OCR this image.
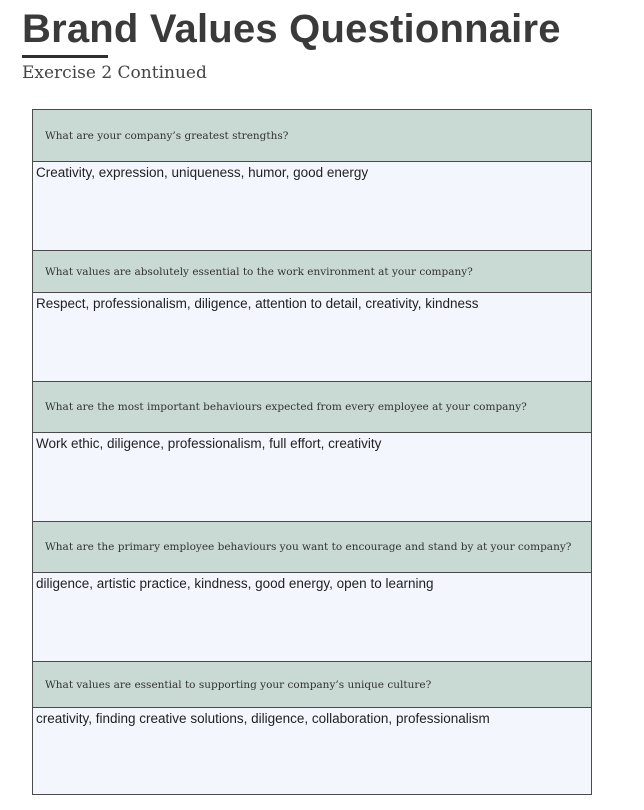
Brand Values Questionnaire

Exercise 2 Continued

What are your company’s greatest strengths?
Creativity, expression, uniqueness, humor, good energy
What values are absolutely essential to the work environment at your company?
Respect, professionalism, diligence, attention to detail, creativity, kindness
What are the most important behaviours expected from every employee at your company?
Work ethic, diligence, professionalism, full effort, creativity
What are the primary employee behaviours you want to encourage and stand by at your company?
diligence, artistic practice, kindness, good energy, open to learning
What values are essential to supporting your company’s unique culture?
creativity, finding creative solutions, diligence, collaboration, professionalism
